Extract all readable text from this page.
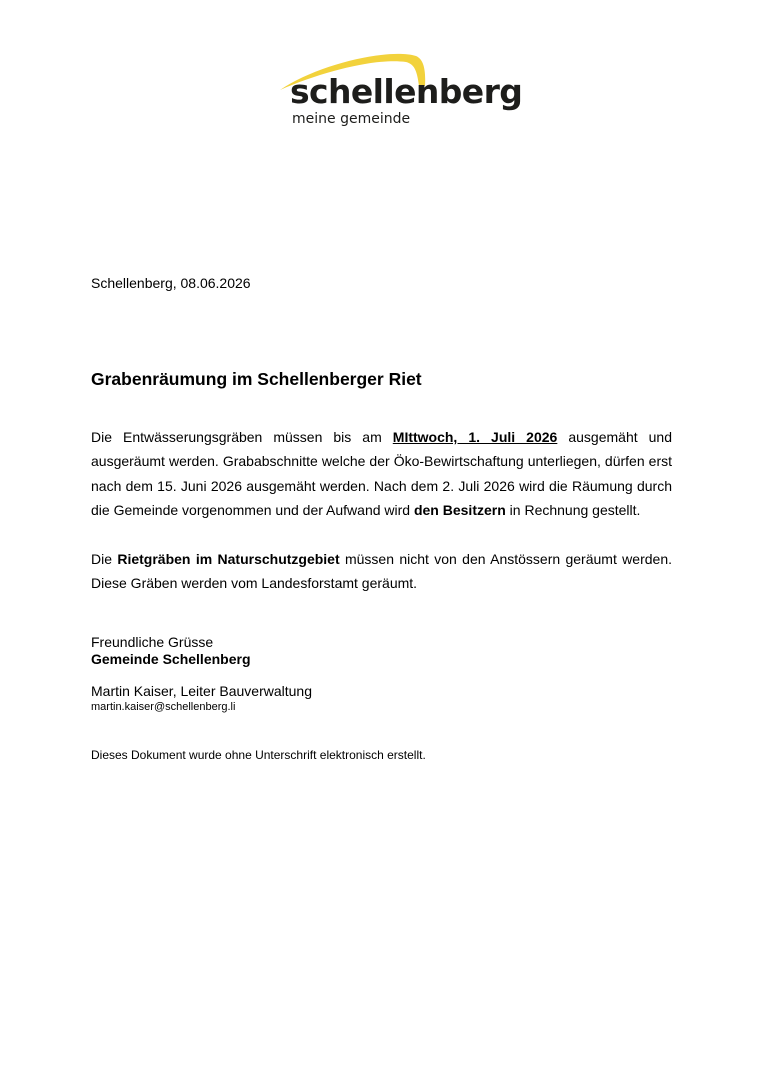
schellenberg
meine gemeinde
Schellenberg, 08.06.2026
Grabenräumung im Schellenberger Riet

Die Entwässerungsgräben müssen bis am MIttwoch, 1. Juli 2026 ausgemäht und ausgeräumt werden. Grababschnitte welche der Öko-Bewirtschaftung unterliegen, dürfen erst nach dem 15. Juni 2026 ausgemäht werden. Nach dem 2. Juli 2026 wird die Räumung durch die Gemeinde vorgenommen und der Aufwand wird den Besitzern in Rechnung gestellt.

Die Rietgräben im Naturschutzgebiet müssen nicht von den Anstössern geräumt werden. Diese Gräben werden vom Landesforstamt geräumt.

Freundliche Grüsse
Gemeinde Schellenberg
Martin Kaiser, Leiter Bauverwaltung
martin.kaiser@schellenberg.li
Dieses Dokument wurde ohne Unterschrift elektronisch erstellt.
